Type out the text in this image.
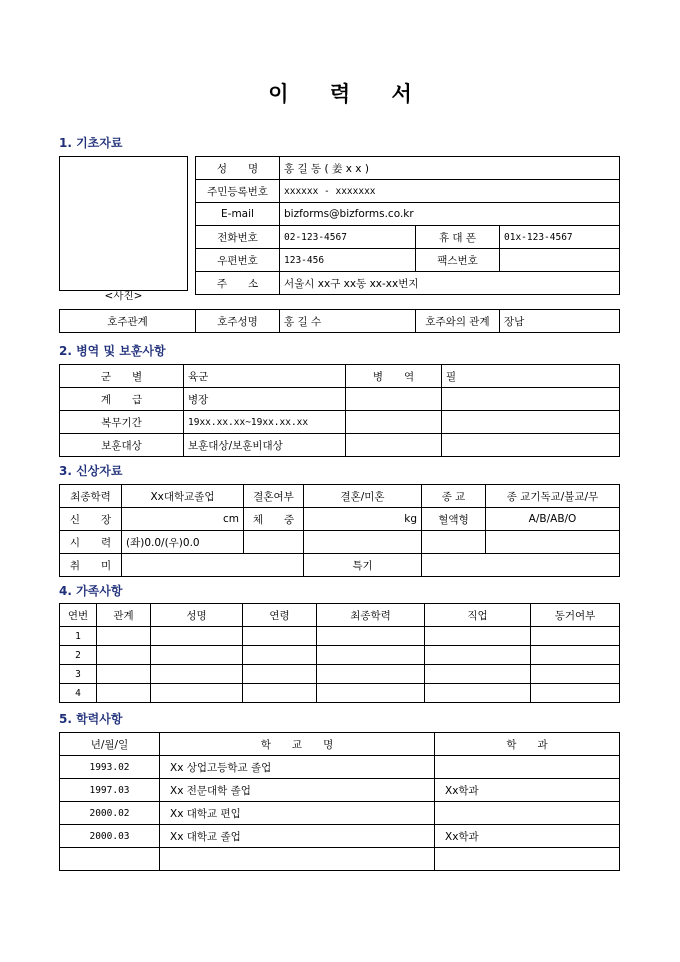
이 력 서
1. 기초자료
<사진>
성　　명	홍 길 동 ( 姜 x x )		
주민등록번호	xxxxxx - xxxxxxx		
E-mail	bizforms@bizforms.co.kr		
전화번호	02-123-4567	휴 대 폰	01x-123-4567
우편번호	123-456	팩스번호	
주　　소	서울시 xx구 xx동 xx-xx번지		
호주관계	호주성명	홍 길 수	호주와의 관계	장남
2. 병역 및 보훈사항
군　　별	육군	병　　역	필
계　　급	병장		
복무기간	19xx.xx.xx~19xx.xx.xx		
보훈대상	보훈대상/보훈비대상		
3. 신상자료
최종학력	Xx대학교졸업	결혼여부	결혼/미혼	종 교	종 교기독교/불교/무
신　　장	cm	체　　중	kg	혈액형	A/B/AB/O
시　　력	(좌)0.0/(우)0.0				
취　　미			특기		
4. 가족사항
연번	관계	성명	연령	최종학력	직업	동거여부
1						
2						
3						
4						
5. 학력사항
년/월/일	학　　교　　명	학　　과
1993.02	Xx 상업고등학교 졸업	
1997.03	Xx 전문대학 졸업	Xx학과
2000.02	Xx 대학교 편입	
2000.03	Xx 대학교 졸업	Xx학과
